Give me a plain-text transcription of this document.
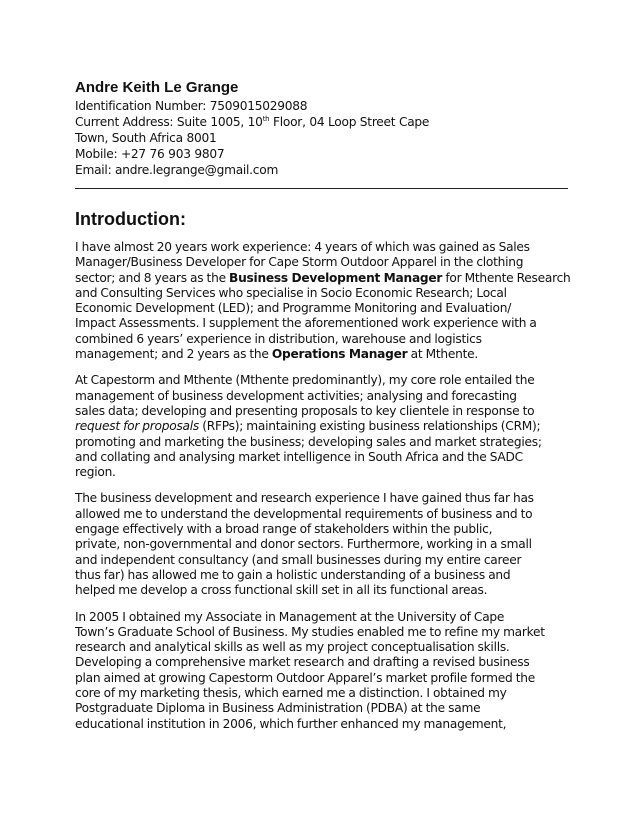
Andre Keith Le Grange

Identification Number: 7509015029088

Current Address: Suite 1005, 10th Floor, 04 Loop Street Cape

Town, South Africa 8001

Mobile: +27 76 903 9807

Email: andre.legrange@gmail.com

Introduction:

I have almost 20 years work experience: 4 years of which was gained as Sales
Manager/Business Developer for Cape Storm Outdoor Apparel in the clothing
sector; and 8 years as the Business Development Manager for Mthente Research
and Consulting Services who specialise in Socio Economic Research; Local
Economic Development (LED); and Programme Monitoring and Evaluation/
Impact Assessments. I supplement the aforementioned work experience with a
combined 6 years’ experience in distribution, warehouse and logistics
management; and 2 years as the Operations Manager at Mthente.

At Capestorm and Mthente (Mthente predominantly), my core role entailed the
management of business development activities; analysing and forecasting
sales data; developing and presenting proposals to key clientele in response to
request for proposals (RFPs); maintaining existing business relationships (CRM);
promoting and marketing the business; developing sales and market strategies;
and collating and analysing market intelligence in South Africa and the SADC
region.

The business development and research experience I have gained thus far has
allowed me to understand the developmental requirements of business and to
engage effectively with a broad range of stakeholders within the public,
private, non-governmental and donor sectors. Furthermore, working in a small
and independent consultancy (and small businesses during my entire career
thus far) has allowed me to gain a holistic understanding of a business and
helped me develop a cross functional skill set in all its functional areas.

In 2005 I obtained my Associate in Management at the University of Cape
Town’s Graduate School of Business. My studies enabled me to refine my market
research and analytical skills as well as my project conceptualisation skills.
Developing a comprehensive market research and drafting a revised business
plan aimed at growing Capestorm Outdoor Apparel’s market profile formed the
core of my marketing thesis, which earned me a distinction. I obtained my
Postgraduate Diploma in Business Administration (PDBA) at the same
educational institution in 2006, which further enhanced my management,
